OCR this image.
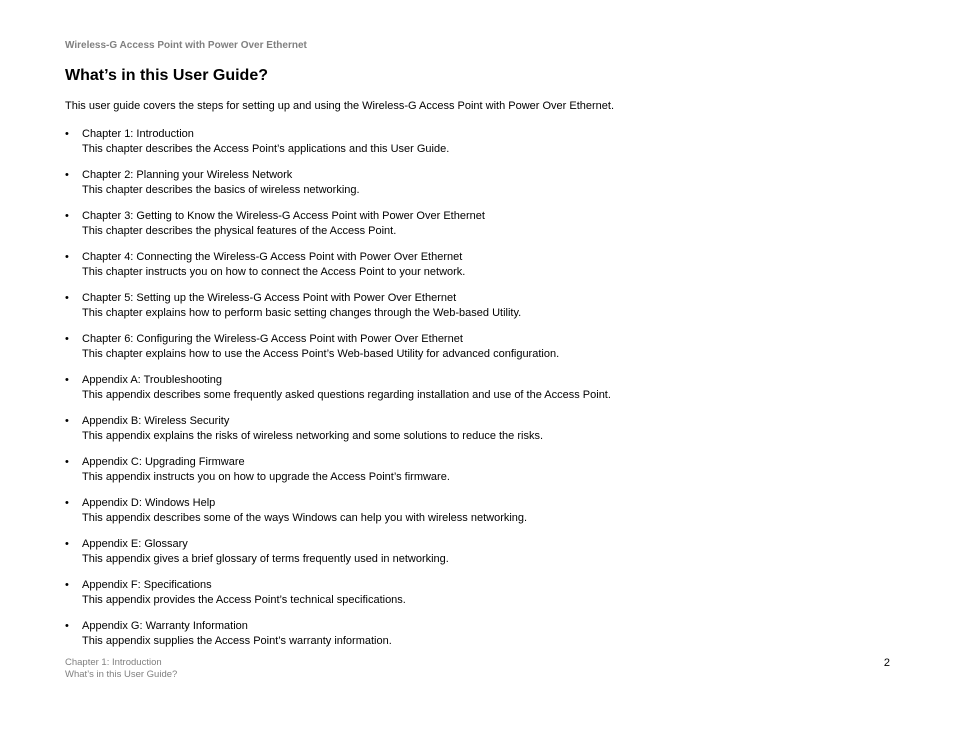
Wireless-G Access Point with Power Over Ethernet
What’s in this User Guide?

This user guide covers the steps for setting up and using the Wireless-G Access Point with Power Over Ethernet.

• Chapter 1: Introduction
This chapter describes the Access Point’s applications and this User Guide.
• Chapter 2: Planning your Wireless Network
This chapter describes the basics of wireless networking.
• Chapter 3: Getting to Know the Wireless-G Access Point with Power Over Ethernet
This chapter describes the physical features of the Access Point.
• Chapter 4: Connecting the Wireless-G Access Point with Power Over Ethernet
This chapter instructs you on how to connect the Access Point to your network.
• Chapter 5: Setting up the Wireless-G Access Point with Power Over Ethernet
This chapter explains how to perform basic setting changes through the Web-based Utility.
• Chapter 6: Configuring the Wireless-G Access Point with Power Over Ethernet
This chapter explains how to use the Access Point’s Web-based Utility for advanced configuration.
• Appendix A: Troubleshooting
This appendix describes some frequently asked questions regarding installation and use of the Access Point.
• Appendix B: Wireless Security
This appendix explains the risks of wireless networking and some solutions to reduce the risks.
• Appendix C: Upgrading Firmware
This appendix instructs you on how to upgrade the Access Point’s firmware.
• Appendix D: Windows Help
This appendix describes some of the ways Windows can help you with wireless networking.
• Appendix E: Glossary
This appendix gives a brief glossary of terms frequently used in networking.
• Appendix F: Specifications
This appendix provides the Access Point’s technical specifications.
• Appendix G: Warranty Information
This appendix supplies the Access Point’s warranty information.
Chapter 1: Introduction
What’s in this User Guide?
2
